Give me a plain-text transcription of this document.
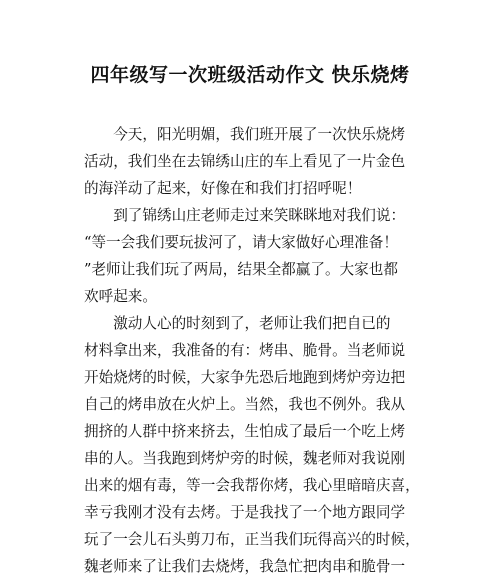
四年级写一次班级活动作文 快乐烧烤
　　今天，阳光明媚，我们班开展了一次快乐烧烤
活动，我们坐在去锦绣山庄的车上看见了一片金色
的海洋动了起来，好像在和我们打招呼呢！
　　到了锦绣山庄老师走过来笑眯眯地对我们说：
“等一会我们要玩拔河了，请大家做好心理准备！
”老师让我们玩了两局，结果全都赢了。大家也都
欢呼起来。
　　激动人心的时刻到了，老师让我们把自已的
材料拿出来，我准备的有：烤串、脆骨。当老师说
开始烧烤的时候，大家争先恐后地跑到烤炉旁边把
自己的烤串放在火炉上。当然，我也不例外。我从
拥挤的人群中挤来挤去，生怕成了最后一个吃上烤
串的人。当我跑到烤炉旁的时候，魏老师对我说刚
出来的烟有毒，等一会我帮你烤，我心里暗暗庆喜，
幸亏我刚才没有去烤。于是我找了一个地方跟同学
玩了一会儿石头剪刀布，正当我们玩得高兴的时候，
魏老师来了让我们去烧烤，我急忙把肉串和脆骨一
